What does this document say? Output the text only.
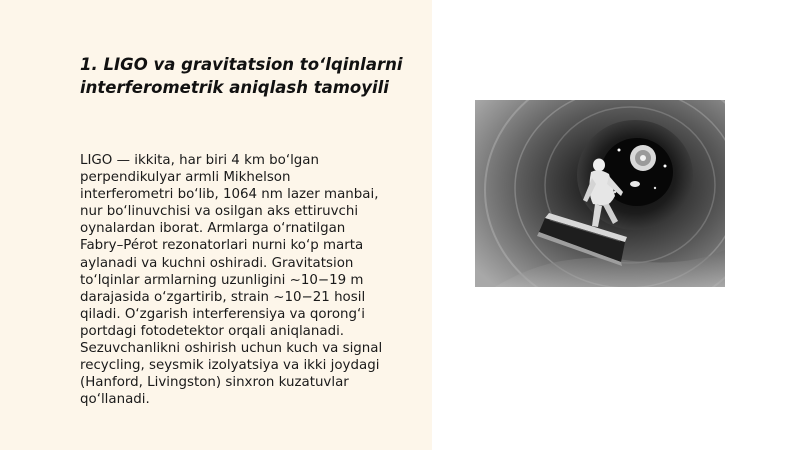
1. LIGO va gravitatsion to‘lqinlarni
interferometrik aniqlash tamoyili
LIGO — ikkita, har biri 4 km bo‘lgan
perpendikulyar armli Mikhelson
interferometri bo‘lib, 1064 nm lazer manbai,
nur bo‘linuvchisi va osilgan aks ettiruvchi
oynalardan iborat. Armlarga o‘rnatilgan
Fabry–Pérot rezonatorlari nurni ko‘p marta
aylanadi va kuchni oshiradi. Gravitatsion
to‘lqinlar armlarning uzunligini ~10−19 m
darajasida o‘zgartirib, strain ~10−21 hosil
qiladi. O‘zgarish interferensiya va qorong‘i
portdagi fotodetektor orqali aniqlanadi.
Sezuvchanlikni oshirish uchun kuch va signal
recycling, seysmik izolyatsiya va ikki joydagi
(Hanford, Livingston) sinxron kuzatuvlar
qo‘llanadi.
